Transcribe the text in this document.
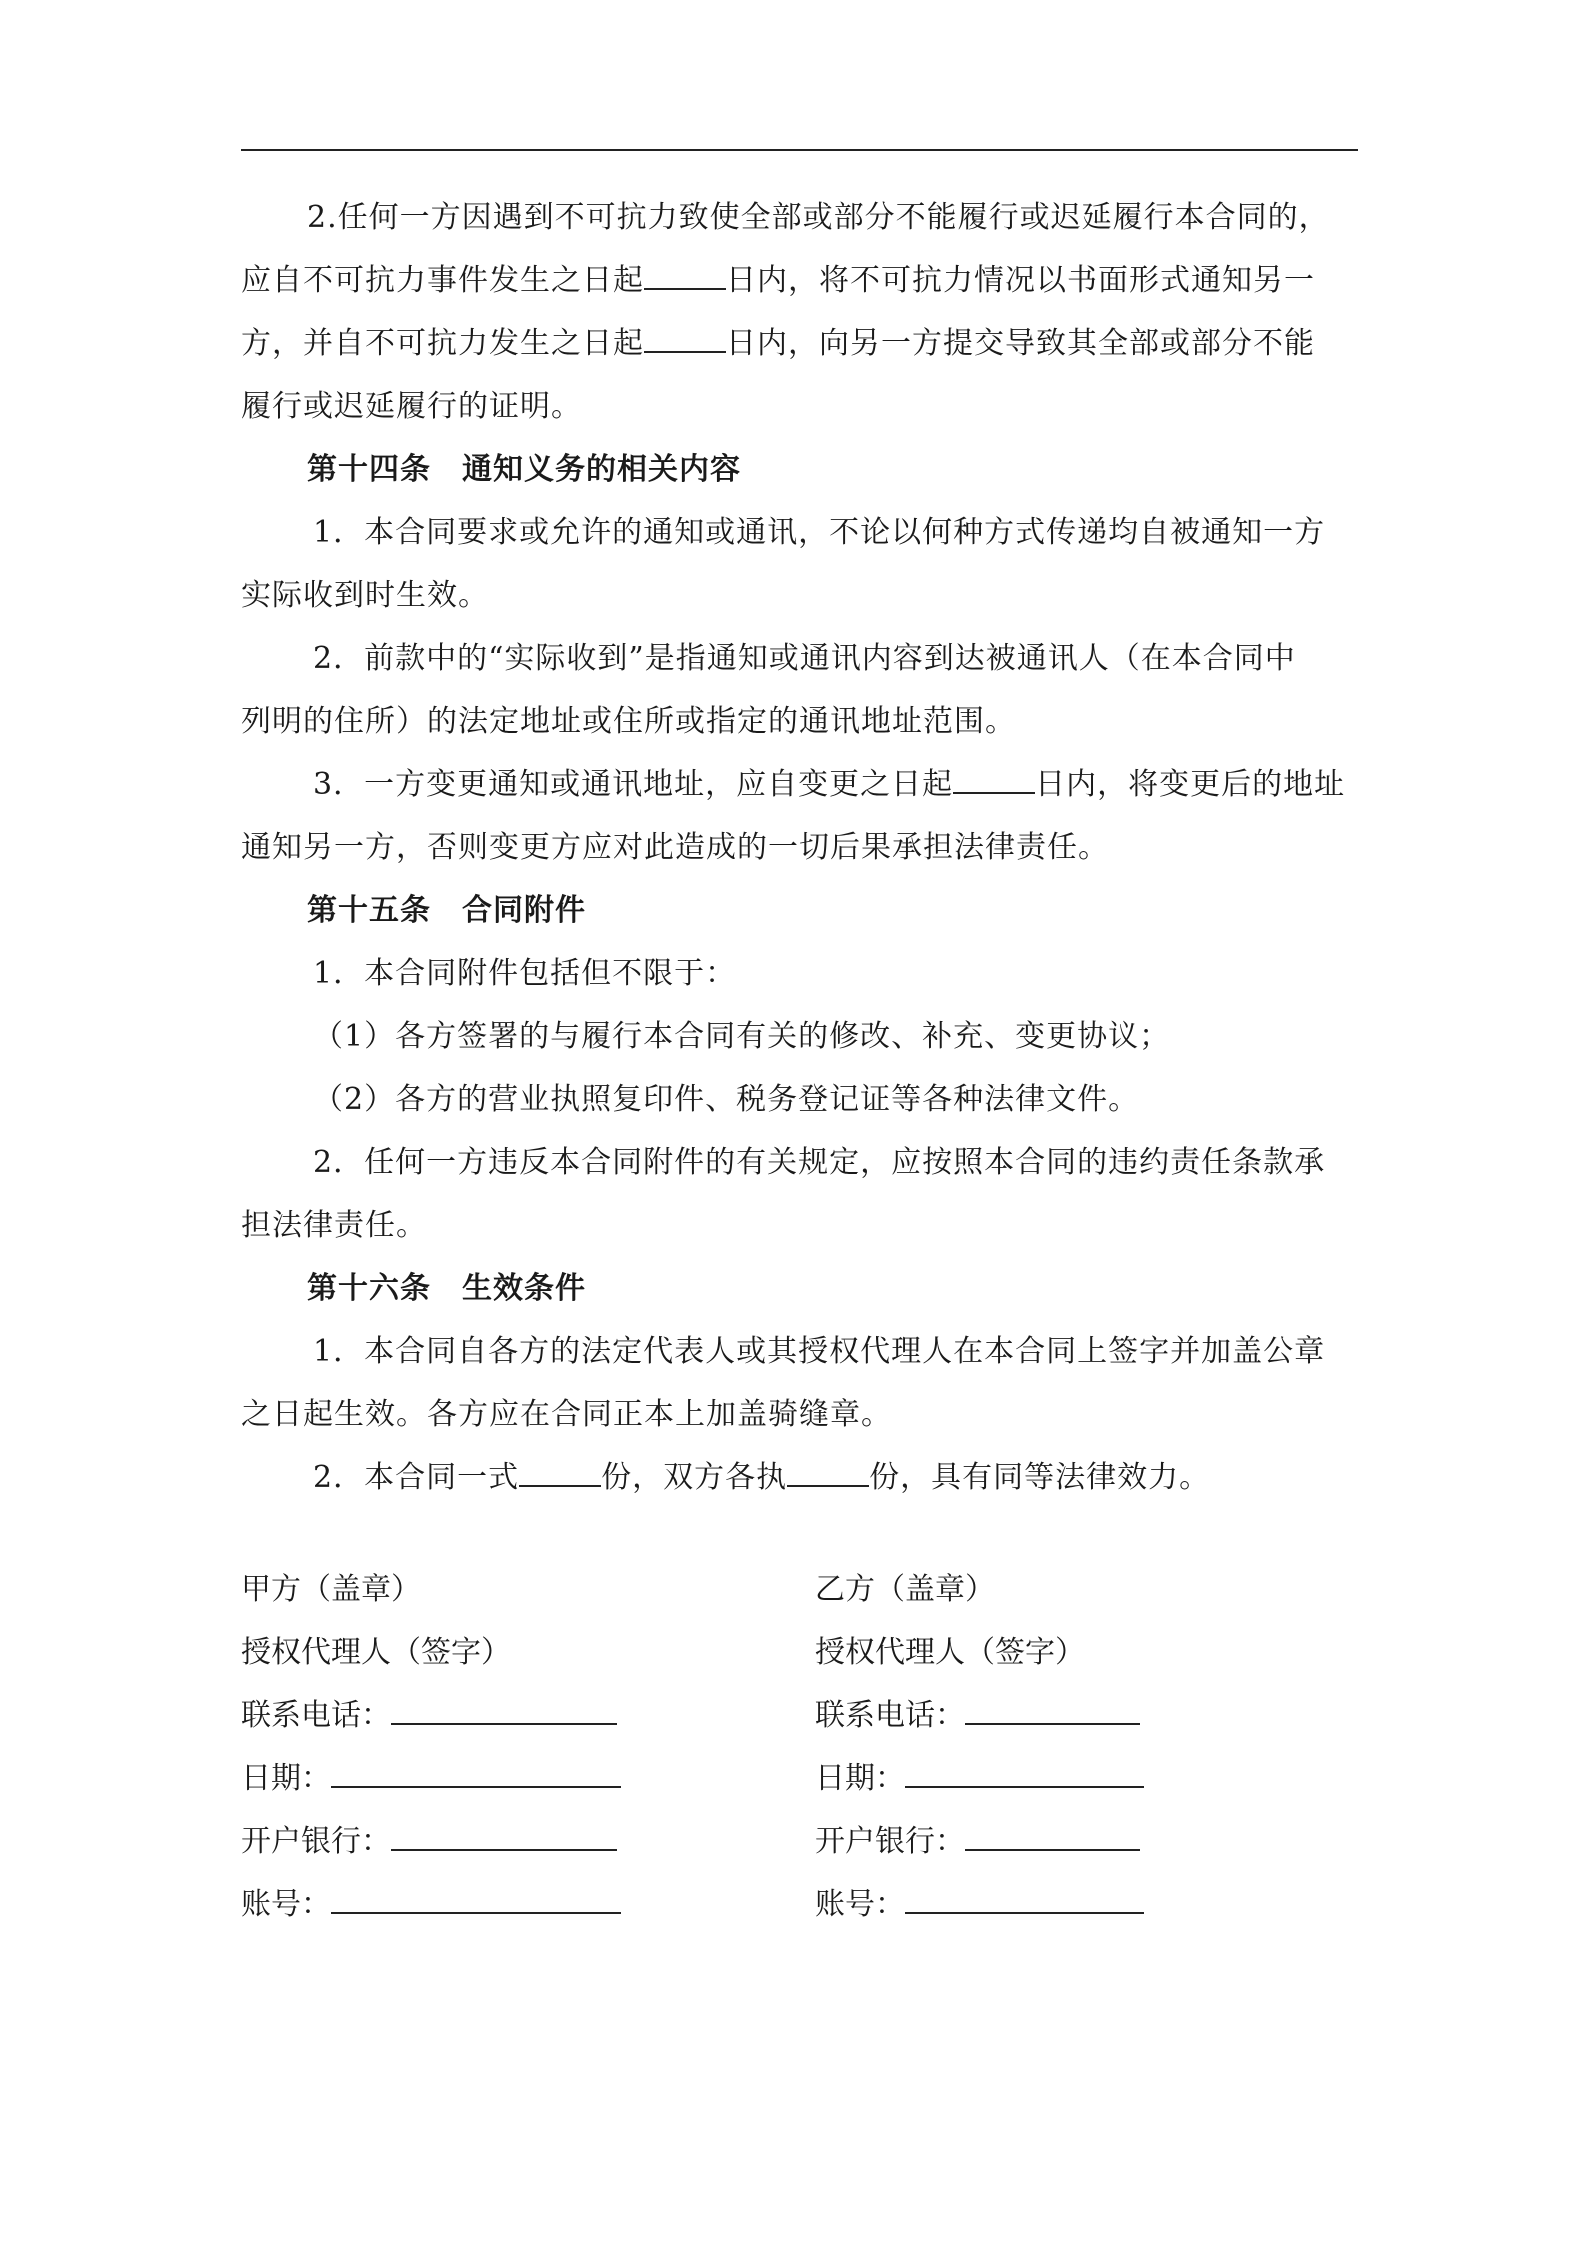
2.任何一方因遇到不可抗力致使全部或部分不能履行或迟延履行本合同的，
应自不可抗力事件发生之日起	日内，将不可抗力情况以书面形式通知另一
方，并自不可抗力发生之日起	日内，向另一方提交导致其全部或部分不能
履行或迟延履行的证明。
第十四条　通知义务的相关内容
1．本合同要求或允许的通知或通讯，不论以何种方式传递均自被通知一方
实际收到时生效。
2．前款中的“实际收到”是指通知或通讯内容到达被通讯人（在本合同中
列明的住所）的法定地址或住所或指定的通讯地址范围。
3．一方变更通知或通讯地址，应自变更之日起	日内，将变更后的地址
通知另一方，否则变更方应对此造成的一切后果承担法律责任。
第十五条　合同附件
1．本合同附件包括但不限于：
（1）各方签署的与履行本合同有关的修改、补充、变更协议；
（2）各方的营业执照复印件、税务登记证等各种法律文件。
2．任何一方违反本合同附件的有关规定，应按照本合同的违约责任条款承
担法律责任。
第十六条　生效条件
1．本合同自各方的法定代表人或其授权代理人在本合同上签字并加盖公章
之日起生效。各方应在合同正本上加盖骑缝章。
2．本合同一式	份，双方各执	份，具有同等法律效力。
甲方（盖章）	乙方（盖章）
授权代理人（签字）	授权代理人（签字）
联系电话：	联系电话：
日期：	日期：
开户银行：	开户银行：
账号：	账号：
